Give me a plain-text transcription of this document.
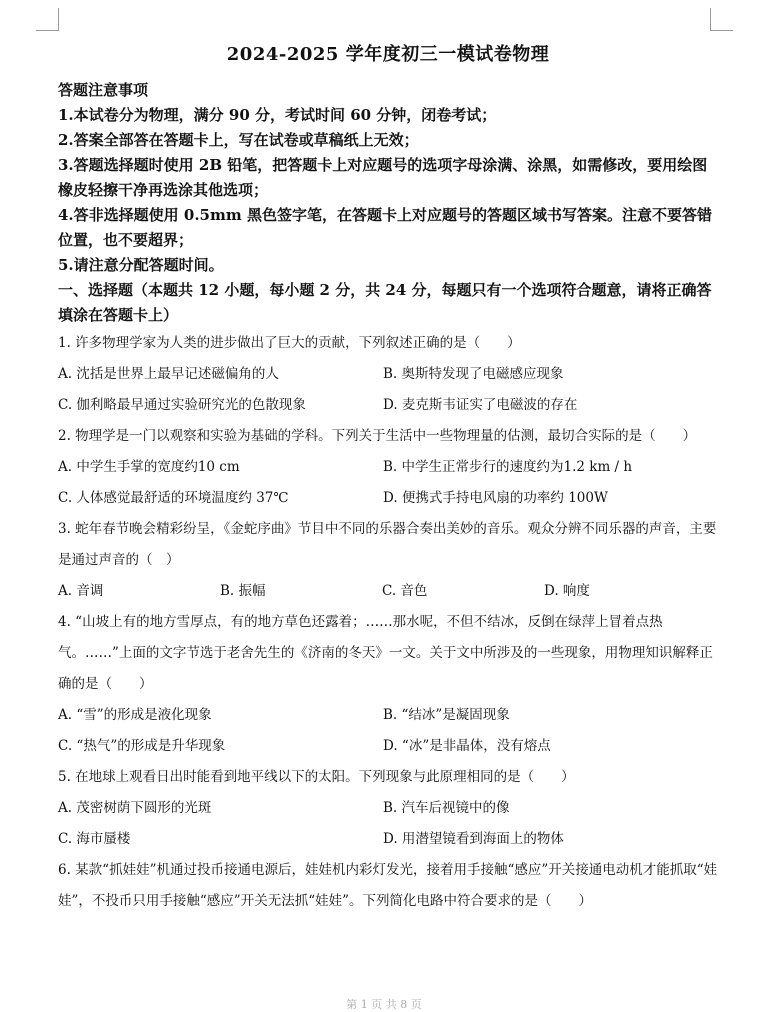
2024-2025 学年度初三一模试卷物理
答题注意事项
1.本试卷分为物理，满分 90 分，考试时间 60 分钟，闭卷考试；
2.答案全部答在答题卡上，写在试卷或草稿纸上无效；
3.答题选择题时使用 2B 铅笔，把答题卡上对应题号的选项字母涂满、涂黑，如需修改，要用绘图橡皮轻擦干净再选涂其他选项；
4.答非选择题使用 0.5mm 黑色签字笔，在答题卡上对应题号的答题区域书写答案。注意不要答错位置，也不要超界；
5.请注意分配答题时间。
一、选择题（本题共 12 小题，每小题 2 分，共 24 分，每题只有一个选项符合题意，请将正确答填涂在答题卡上）
1. 许多物理学家为人类的进步做出了巨大的贡献，下列叙述正确的是（　　）
A. 沈括是世界上最早记述磁偏角的人	B. 奥斯特发现了电磁感应现象
C. 伽利略最早通过实验研究光的色散现象	D. 麦克斯韦证实了电磁波的存在
2. 物理学是一门以观察和实验为基础的学科。下列关于生活中一些物理量的估测，最切合实际的是（　　）
A. 中学生手掌的宽度约10 cm	B. 中学生正常步行的速度约为1.2 km / h
C. 人体感觉最舒适的环境温度约 37℃	D. 便携式手持电风扇的功率约 100W
3. 蛇年春节晚会精彩纷呈，《金蛇序曲》节目中不同的乐器合奏出美妙的音乐。观众分辨不同乐器的声音，主要是通过声音的（　）
A. 音调	B. 振幅	C. 音色	D. 响度
4. “山坡上有的地方雪厚点，有的地方草色还露着；……那水呢，不但不结冰，反倒在绿萍上冒着点热气。……”上面的文字节选于老舍先生的《济南的冬天》一文。关于文中所涉及的一些现象，用物理知识解释正确的是（　　）
A. “雪”的形成是液化现象	B. “结冰”是凝固现象
C. “热气”的形成是升华现象	D. “冰”是非晶体，没有熔点
5. 在地球上观看日出时能看到地平线以下的太阳。下列现象与此原理相同的是（　　）
A. 茂密树荫下圆形的光斑	B. 汽车后视镜中的像
C. 海市蜃楼	D. 用潜望镜看到海面上的物体
6. 某款“抓娃娃”机通过投币接通电源后，娃娃机内彩灯发光，接着用手接触“感应”开关接通电动机才能抓取“娃娃”，不投币只用手接触“感应”开关无法抓“娃娃”。下列简化电路中符合要求的是（　　）
第 1 页 共 8 页
